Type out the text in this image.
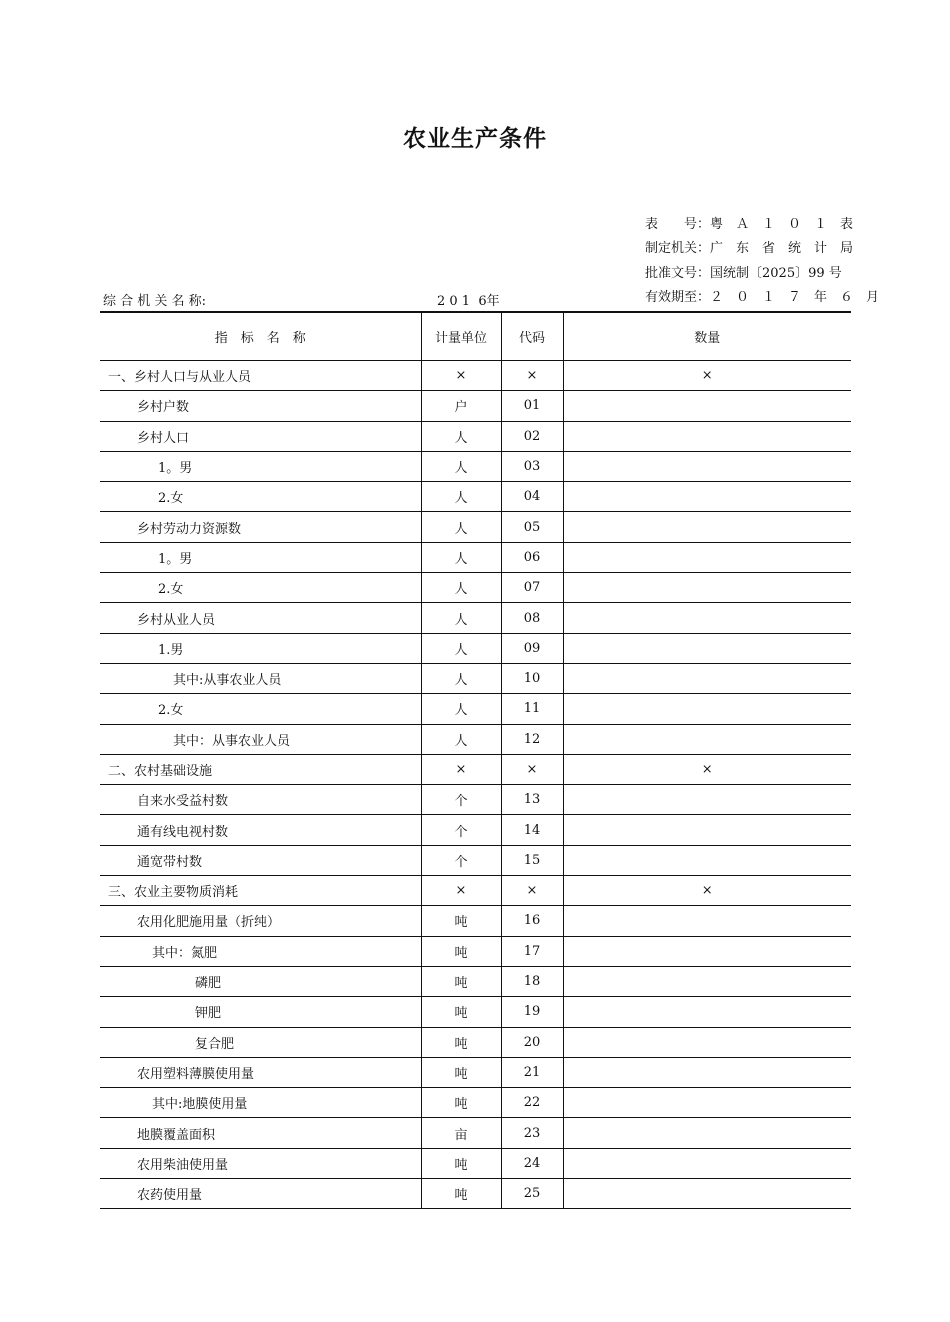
农业生产条件
表　　号：粤　Ａ　１　０　１　表
制定机关：广　东　省　统　计　局
批准文号：国统制〔2025〕99 号
有效期至：２　０　１　７　年　６　月
综 合 机 关 名 称:	2 0 1  6年
指　标　名　称	计量单位	代码	数量
一、乡村人口与从业人员	×	×	×
乡村户数	户	01	
乡村人口	人	02	
1。男	人	03	
2.女	人	04	
乡村劳动力资源数	人	05	
1。男	人	06	
2.女	人	07	
乡村从业人员	人	08	
1.男	人	09	
其中:从事农业人员	人	10	
2.女	人	11	
其中：从事农业人员	人	12	
二、农村基础设施	×	×	×
自来水受益村数	个	13	
通有线电视村数	个	14	
通宽带村数	个	15	
三、农业主要物质消耗	×	×	×
农用化肥施用量（折纯）	吨	16	
其中：氮肥	吨	17	
磷肥	吨	18	
钾肥	吨	19	
复合肥	吨	20	
农用塑料薄膜使用量	吨	21	
其中:地膜使用量	吨	22	
地膜覆盖面积	亩	23	
农用柴油使用量	吨	24	
农药使用量	吨	25	
